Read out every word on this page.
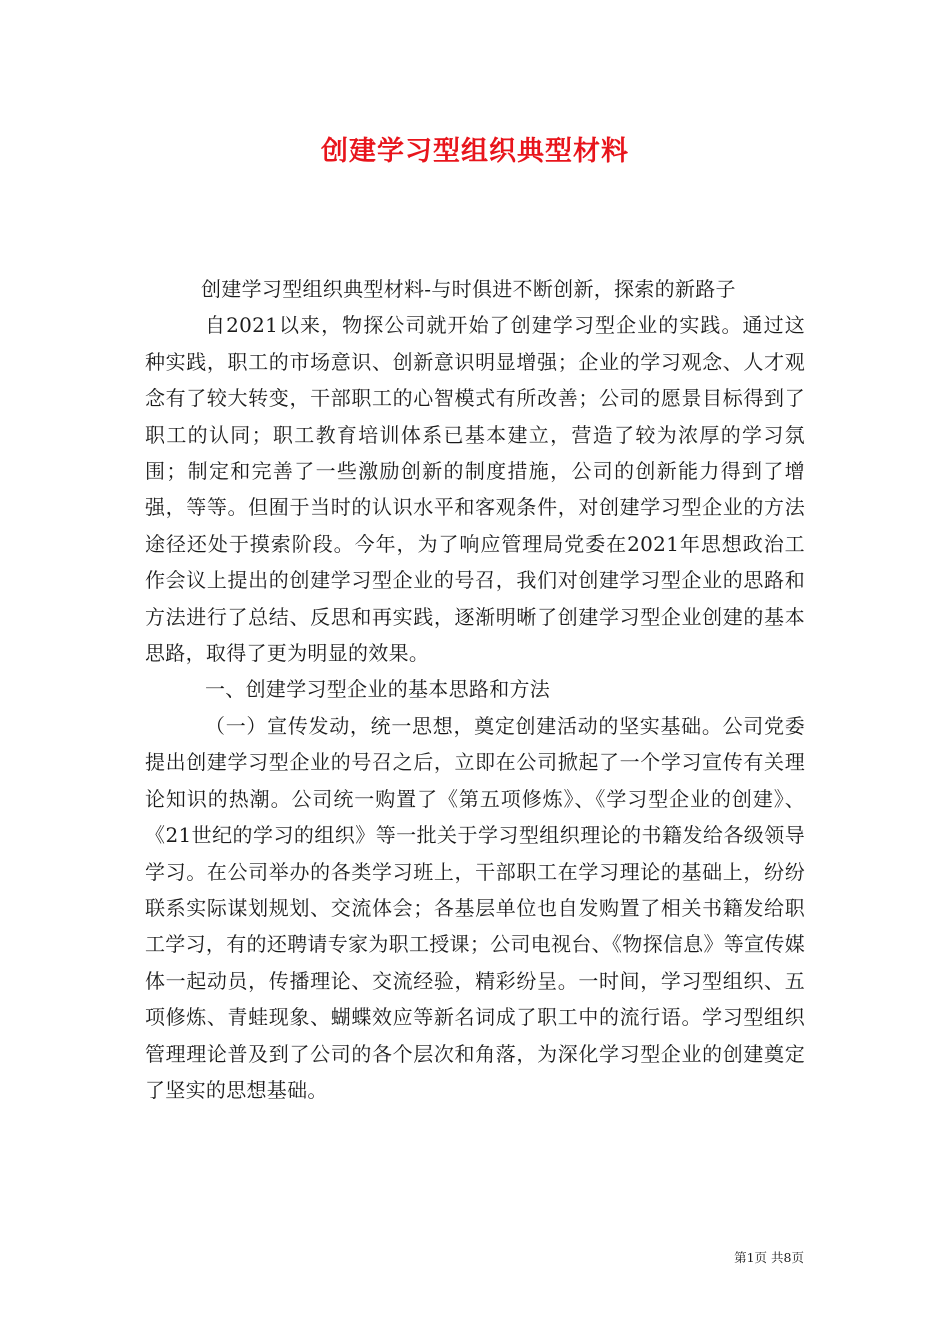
创建学习型组织典型材料

创建学习型组织典型材料-与时俱进不断创新，探索的新路子

自2021以来，物探公司就开始了创建学习型企业的实践。通过这种实践，职工的市场意识、创新意识明显增强；企业的学习观念、人才观念有了较大转变，干部职工的心智模式有所改善；公司的愿景目标得到了职工的认同；职工教育培训体系已基本建立，营造了较为浓厚的学习氛围；制定和完善了一些激励创新的制度措施，公司的创新能力得到了增强，等等。但囿于当时的认识水平和客观条件，对创建学习型企业的方法途径还处于摸索阶段。今年，为了响应管理局党委在2021年思想政治工作会议上提出的创建学习型企业的号召，我们对创建学习型企业的思路和方法进行了总结、反思和再实践，逐渐明晰了创建学习型企业创建的基本思路，取得了更为明显的效果。

一、创建学习型企业的基本思路和方法

（一）宣传发动，统一思想，奠定创建活动的坚实基础。公司党委提出创建学习型企业的号召之后，立即在公司掀起了一个学习宣传有关理论知识的热潮。公司统一购置了《第五项修炼》、《学习型企业的创建》、《21世纪的学习的组织》等一批关于学习型组织理论的书籍发给各级领导学习。在公司举办的各类学习班上，干部职工在学习理论的基础上，纷纷联系实际谋划规划、交流体会；各基层单位也自发购置了相关书籍发给职工学习，有的还聘请专家为职工授课；公司电视台、《物探信息》等宣传媒体一起动员，传播理论、交流经验，精彩纷呈。一时间，学习型组织、五项修炼、青蛙现象、蝴蝶效应等新名词成了职工中的流行语。学习型组织管理理论普及到了公司的各个层次和角落，为深化学习型企业的创建奠定了坚实的思想基础。

第1页 共8页
